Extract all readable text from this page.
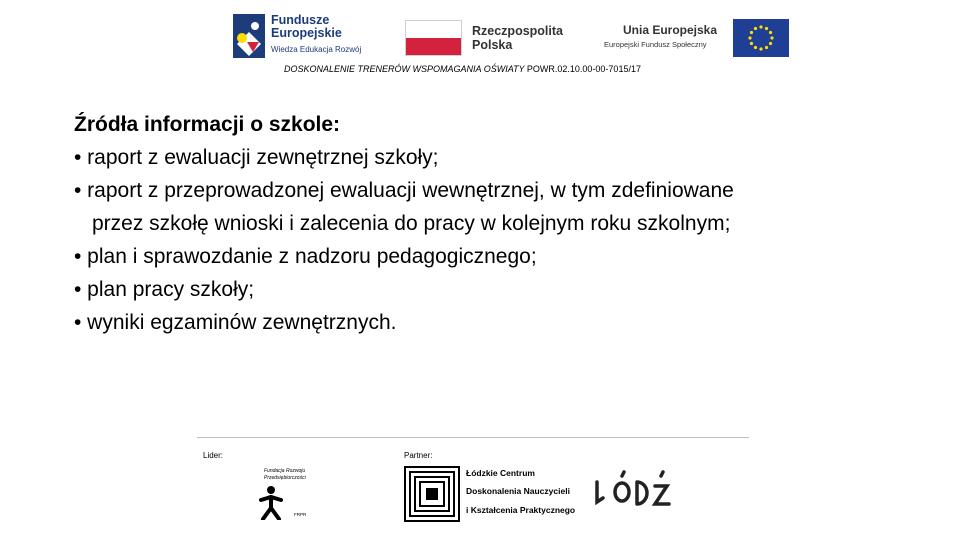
Fundusze
Europejskie
Wiedza Edukacja Rozwój
Rzeczpospolita
Polska
Unia Europejska
Europejski Fundusz Społeczny
DOSKONALENIE TRENERÓW WSPOMAGANIA OŚWIATY POWR.02.10.00-00-7015/17
Źródła informacji o szkole:
• raport z ewaluacji zewnętrznej szkoły;
• raport z przeprowadzonej ewaluacji wewnętrznej, w tym zdefiniowane
przez szkołę wnioski i zalecenia do pracy w kolejnym roku szkolnym;
• plan i sprawozdanie z nadzoru pedagogicznego;
• plan pracy szkoły;
• wyniki egzaminów zewnętrznych.
Lider:	Partner:
Fundacja Rozwoju
Przedsiębiorczości
FRPR
Łódzkie Centrum
Doskonalenia Nauczycieli
i Kształcenia Praktycznego
ŁÓDŹ
